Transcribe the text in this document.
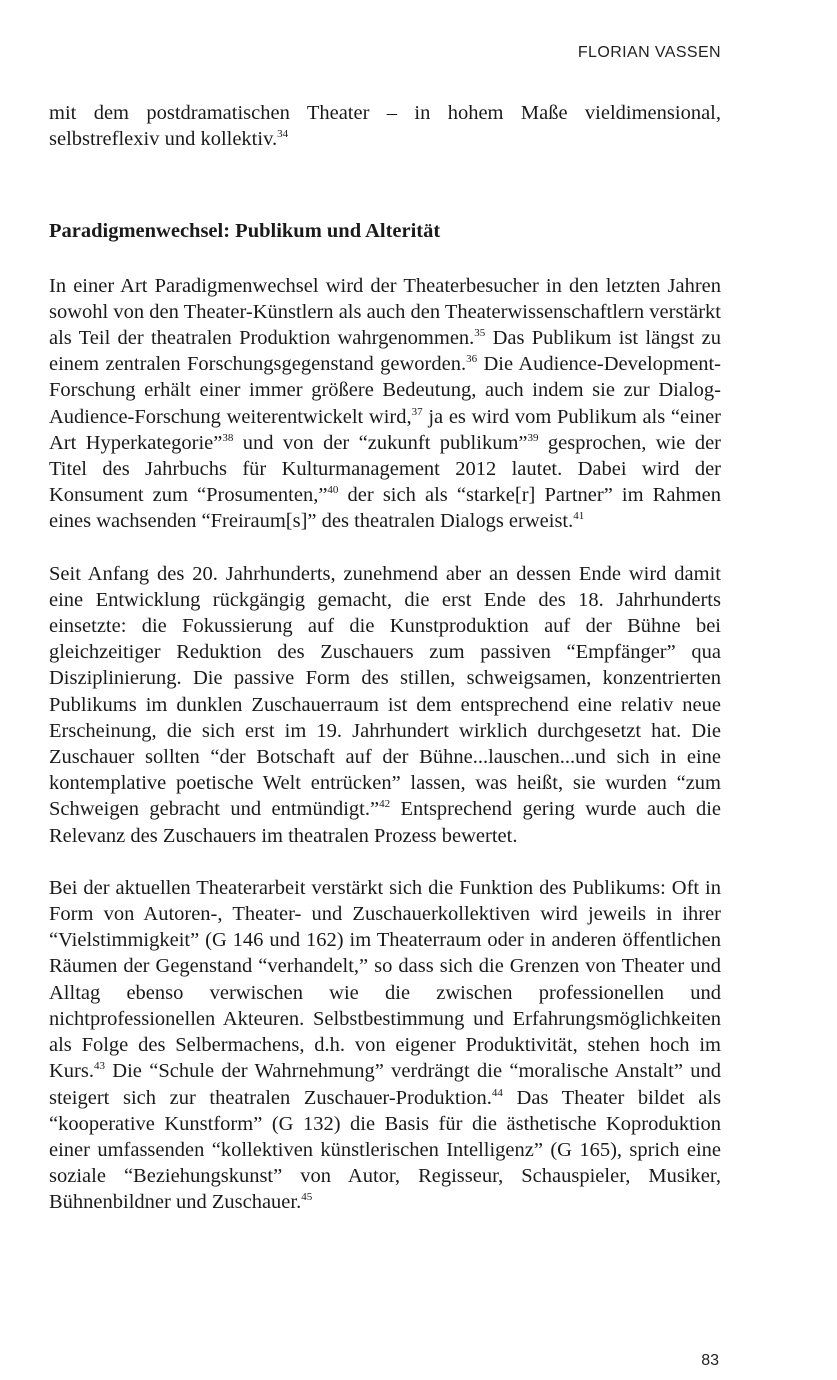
FLORIAN VASSEN

mit dem postdramatischen Theater – in hohem Maße vieldimensional, selbstreflexiv und kollektiv.$^{34}$

Paradigmenwechsel: Publikum und Alterität

In einer Art Paradigmenwechsel wird der Theaterbesucher in den letzten Jahren sowohl von den Theater-Künstlern als auch den Theaterwissenschaftlern verstärkt als Teil der theatralen Produktion wahrgenommen.$^{35}$ Das Publikum ist längst zu einem zentralen Forschungsgegenstand geworden.$^{36}$ Die Audience-Development-Forschung erhält einer immer größere Bedeutung, auch indem sie zur Dialog-Audience-Forschung weiterentwickelt wird,$^{37}$ ja es wird vom Publikum als “einer Art Hyperkategorie”$^{38}$ und von der “zukunft publikum”$^{39}$ gesprochen, wie der Titel des Jahrbuchs für Kulturmanagement 2012 lautet. Dabei wird der Konsument zum “Prosumenten,”$^{40}$ der sich als “starke[r] Partner” im Rahmen eines wachsenden “Freiraum[s]” des theatralen Dialogs erweist.$^{41}$

Seit Anfang des 20. Jahrhunderts, zunehmend aber an dessen Ende wird damit eine Entwicklung rückgängig gemacht, die erst Ende des 18. Jahrhunderts einsetzte: die Fokussierung auf die Kunstproduktion auf der Bühne bei gleichzeitiger Reduktion des Zuschauers zum passiven “Empfänger” qua Disziplinierung. Die passive Form des stillen, schweigsamen, konzentrierten Publikums im dunklen Zuschauerraum ist dem entsprechend eine relativ neue Erscheinung, die sich erst im 19. Jahrhundert wirklich durchgesetzt hat. Die Zuschauer sollten “der Botschaft auf der Bühne...lauschen...und sich in eine kontemplative poetische Welt entrücken” lassen, was heißt, sie wurden “zum Schweigen gebracht und entmündigt.”$^{42}$ Entsprechend gering wurde auch die Relevanz des Zuschauers im theatralen Prozess bewertet.

Bei der aktuellen Theaterarbeit verstärkt sich die Funktion des Publikums: Oft in Form von Autoren-, Theater- und Zuschauerkollektiven wird jeweils in ihrer “Vielstimmigkeit” (G 146 und 162) im Theaterraum oder in anderen öffentlichen Räumen der Gegenstand “verhandelt,” so dass sich die Grenzen von Theater und Alltag ebenso verwischen wie die zwischen professionellen und nichtprofessionellen Akteuren. Selbstbestimmung und Erfahrungsmöglichkeiten als Folge des Selbermachens, d.h. von eigener Produktivität, stehen hoch im Kurs.$^{43}$ Die “Schule der Wahrnehmung” verdrängt die “moralische Anstalt” und steigert sich zur theatralen Zuschauer-Produktion.$^{44}$ Das Theater bildet als “kooperative Kunstform” (G 132) die Basis für die ästhetische Koproduktion einer umfassenden “kollektiven künstlerischen Intelligenz” (G 165), sprich eine soziale “Beziehungskunst” von Autor, Regisseur, Schauspieler, Musiker, Bühnenbildner und Zuschauer.$^{45}$

83
